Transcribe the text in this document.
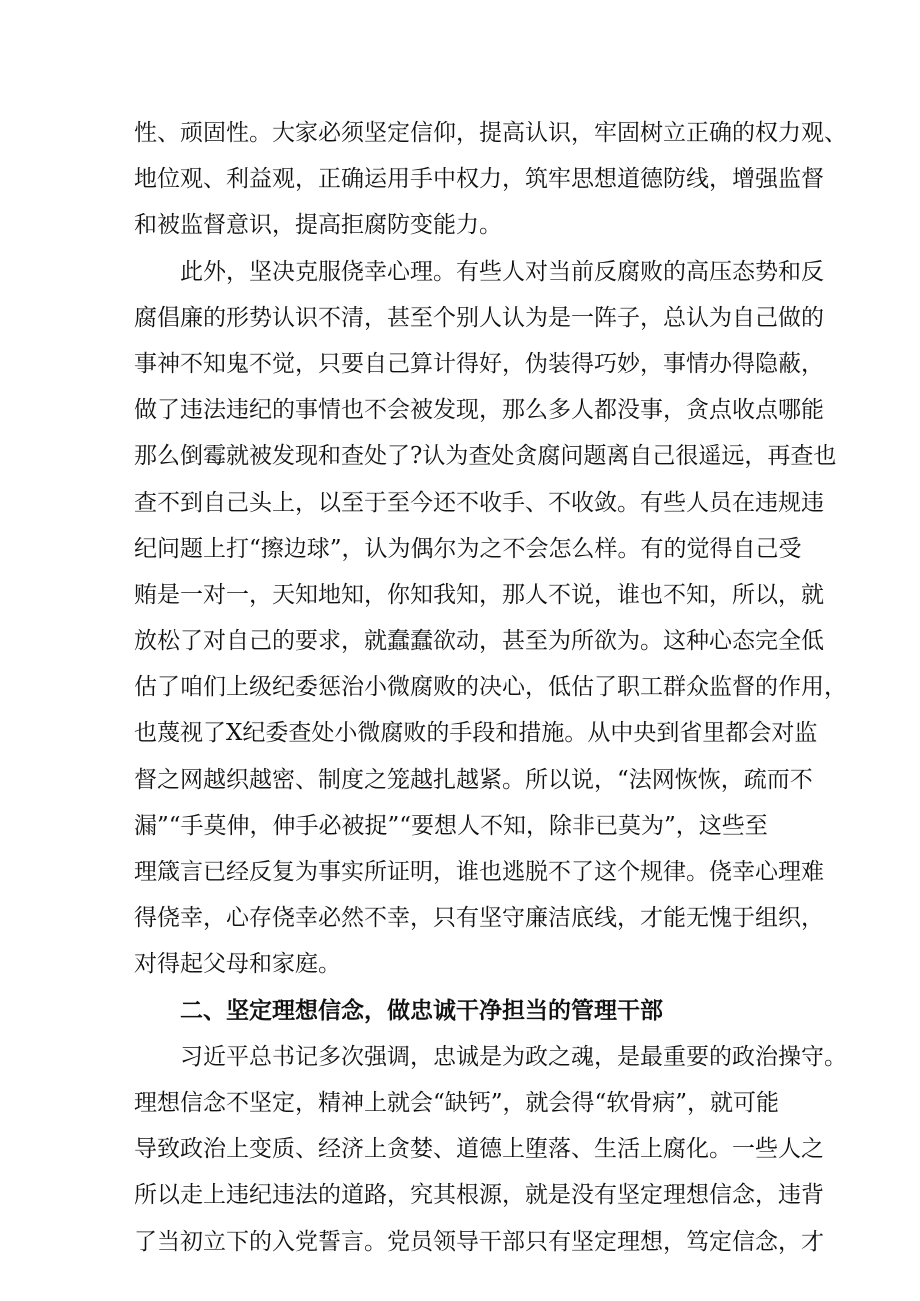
性、顽固性。大家必须坚定信仰，提高认识，牢固树立正确的权力观、
地位观、利益观，正确运用手中权力，筑牢思想道德防线，增强监督
和被监督意识，提高拒腐防变能力。
此外，坚决克服侥幸心理。有些人对当前反腐败的高压态势和反
腐倡廉的形势认识不清，甚至个别人认为是一阵子，总认为自己做的
事神不知鬼不觉，只要自己算计得好，伪装得巧妙，事情办得隐蔽，
做了违法违纪的事情也不会被发现，那么多人都没事，贪点收点哪能
那么倒霉就被发现和查处了?认为查处贪腐问题离自己很遥远，再查也
查不到自己头上，以至于至今还不收手、不收敛。有些人员在违规违
纪问题上打“擦边球”，认为偶尔为之不会怎么样。有的觉得自己受
贿是一对一，天知地知，你知我知，那人不说，谁也不知，所以，就
放松了对自己的要求，就蠢蠢欲动，甚至为所欲为。这种心态完全低
估了咱们上级纪委惩治小微腐败的决心，低估了职工群众监督的作用，
也蔑视了X纪委查处小微腐败的手段和措施。从中央到省里都会对监
督之网越织越密、制度之笼越扎越紧。所以说，“法网恢恢，疏而不
漏”“手莫伸，伸手必被捉”“要想人不知，除非已莫为”，这些至
理箴言已经反复为事实所证明，谁也逃脱不了这个规律。侥幸心理难
得侥幸，心存侥幸必然不幸，只有坚守廉洁底线，才能无愧于组织，
对得起父母和家庭。
二、坚定理想信念，做忠诚干净担当的管理干部
习近平总书记多次强调，忠诚是为政之魂，是最重要的政治操守。
理想信念不坚定，精神上就会“缺钙”，就会得“软骨病”，就可能
导致政治上变质、经济上贪婪、道德上堕落、生活上腐化。一些人之
所以走上违纪违法的道路，究其根源，就是没有坚定理想信念，违背
了当初立下的入党誓言。党员领导干部只有坚定理想，笃定信念，才
